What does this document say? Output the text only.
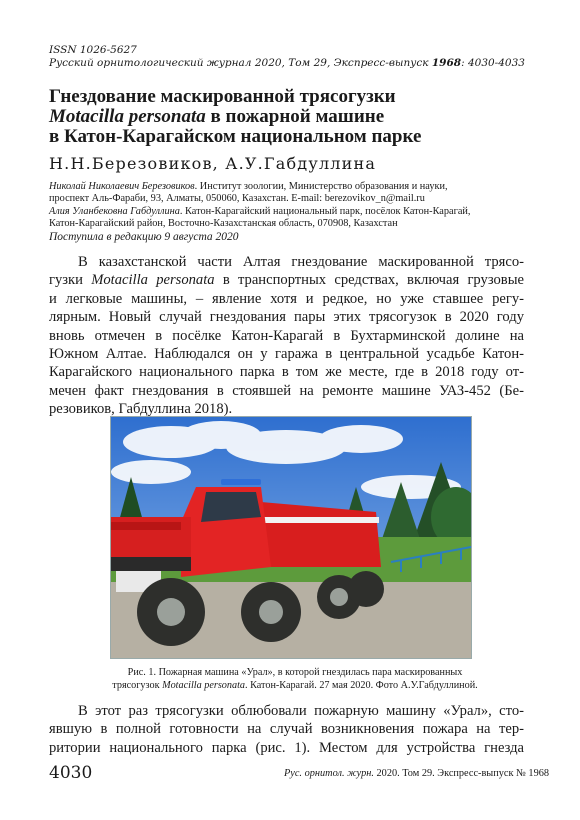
ISSN 1026-5627
Русский орнитологический журнал 2020, Том 29, Экспресс-выпуск 1968: 4030-4033
Гнездование маскированной трясогузки
Motacilla personata в пожарной машине
в Катон-Карагайском национальном парке
Н.Н.Березовиков, А.У.Габдуллина
Николай Николаевич Березовиков. Институт зоологии, Министерство образования и науки,
проспект Аль-Фараби, 93, Алматы, 050060, Казахстан. E-mail: berezovikov_n@mail.ru
Алия Уланбековна Габдуллина. Катон-Карагайский национальный парк, посёлок Катон-Карагай,
Катон-Карагайский район, Восточно-Казахстанская область, 070908, Казахстан
Поступила в редакцию 9 августа 2020
В казахстанской части Алтая гнездование маскированной трясо-
гузки Motacilla personata в транспортных средствах, включая грузовые
и легковые машины, – явление хотя и редкое, но уже ставшее регу-
лярным. Новый случай гнездования пары этих трясогузок в 2020 году
вновь отмечен в посёлке Катон-Карагай в Бухтарминской долине на
Южном Алтае. Наблюдался он у гаража в центральной усадьбе Катон-
Карагайского национального парка в том же месте, где в 2018 году от-
мечен факт гнездования в стоявшей на ремонте машине УАЗ-452 (Бе-
резовиков, Габдуллина 2018).
Рис. 1. Пожарная машина «Урал», в которой гнездилась пара маскированных
трясогузок Motacilla personata. Катон-Карагай. 27 мая 2020. Фото А.У.Габдуллиной.
В этот раз трясогузки облюбовали пожарную машину «Урал», сто-
явшую в полной готовности на случай возникновения пожара на тер-
ритории национального парка (рис. 1). Местом для устройства гнезда
4030	Рус. орнитол. журн. 2020. Том 29. Экспресс-выпуск № 1968
